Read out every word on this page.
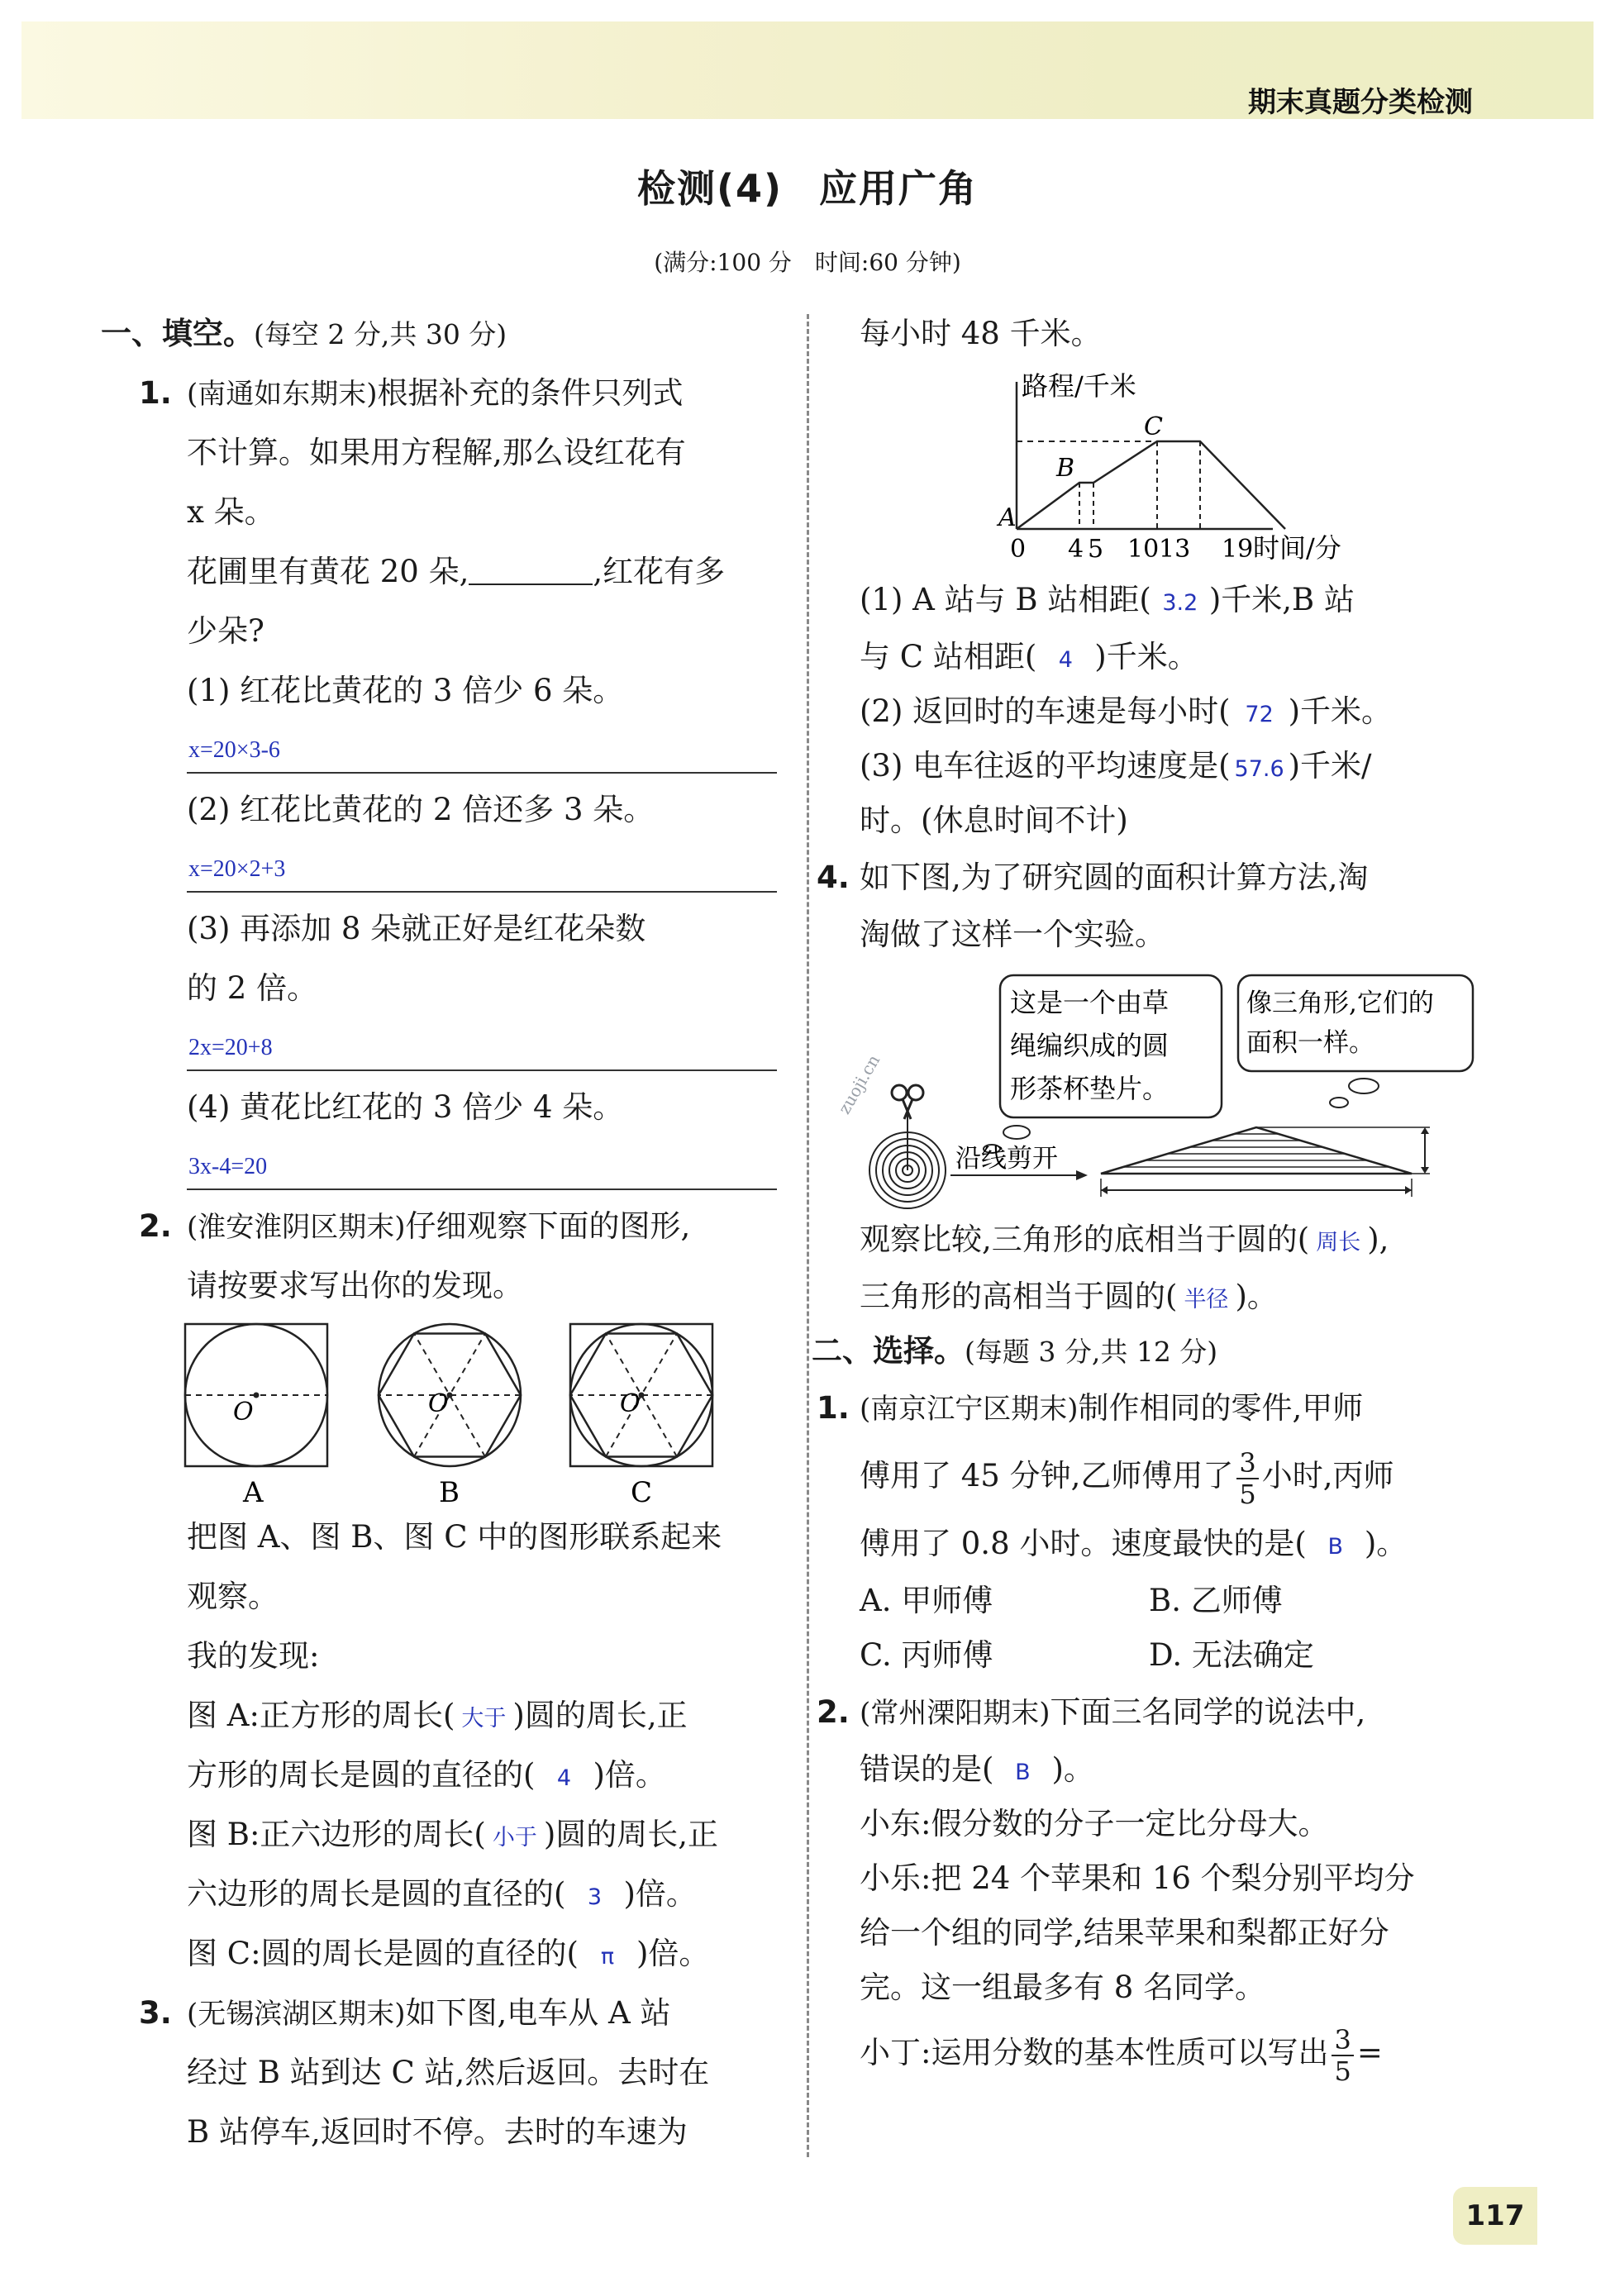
期末真题分类检测
检测(4) 应用广角
(满分:100 分　时间:60 分钟)
一、填空。(每空 2 分,共 30 分)
1. (南通如东期末)根据补充的条件只列式
不计算。如果用方程解,那么设红花有
x 朵。
花圃里有黄花 20 朵,	,红花有多
少朵?
(1) 红花比黄花的 3 倍少 6 朵。
x=20×3-6
(2) 红花比黄花的 2 倍还多 3 朵。
x=20×2+3
(3) 再添加 8 朵就正好是红花朵数
的 2 倍。
2x=20+8
(4) 黄花比红花的 3 倍少 4 朵。
3x-4=20
2. (淮安淮阴区期末)仔细观察下面的图形,
请按要求写出你的发现。
O
A
O
B
O
C
把图 A、图 B、图 C 中的图形联系起来
观察。
我的发现:
图 A:正方形的周长( 大于 )圆的周长,正
方形的周长是圆的直径的( 4 )倍。
图 B:正六边形的周长( 小于 )圆的周长,正
六边形的周长是圆的直径的( 3 )倍。
图 C:圆的周长是圆的直径的( π )倍。
3. (无锡滨湖区期末)如下图,电车从 A 站
经过 B 站到达 C 站,然后返回。去时在
B 站停车,返回时不停。去时的车速为
每小时 48 千米。
路程/千米
A
B
C
0 4 5 10 13 19 时间/分
(1) A 站与 B 站相距( 3.2 )千米,B 站
与 C 站相距( 4 )千米。
(2) 返回时的车速是每小时( 72 )千米。
(3) 电车往返的平均速度是( 57.6 )千米/
时。(休息时间不计)
4. 如下图,为了研究圆的面积计算方法,淘
淘做了这样一个实验。
这是一个由草
绳编织成的圆
形茶杯垫片。
像三角形,它们的
面积一样。
沿线剪开
观察比较,三角形的底相当于圆的( 周长 ),
三角形的高相当于圆的( 半径 )。
二、选择。(每题 3 分,共 12 分)
1. (南京江宁区期末)制作相同的零件,甲师
傅用了 45 分钟,乙师傅用了 $\frac{3}{5}$ 小时,丙师
傅用了 0.8 小时。速度最快的是( B )。
A. 甲师傅	B. 乙师傅
C. 丙师傅	D. 无法确定
2. (常州溧阳期末)下面三名同学的说法中,
错误的是( B )。
小东:假分数的分子一定比分母大。
小乐:把 24 个苹果和 16 个梨分别平均分
给一个组的同学,结果苹果和梨都正好分
完。这一组最多有 8 名同学。
小丁:运用分数的基本性质可以写出 $\frac{3}{5}$ =
zuoji.cn
117
